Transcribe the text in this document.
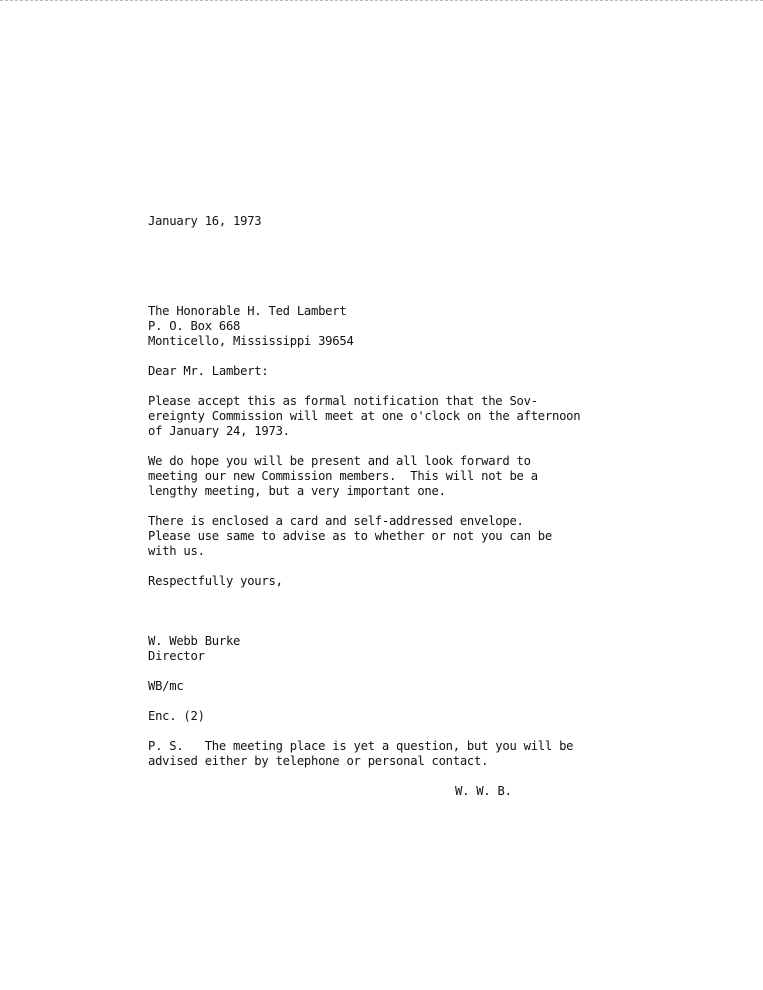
January 16, 1973
The Honorable H. Ted Lambert
P. O. Box 668
Monticello, Mississippi 39654
Dear Mr. Lambert:
Please accept this as formal notification that the Sov-
ereignty Commission will meet at one o'clock on the afternoon
of January 24, 1973.
We do hope you will be present and all look forward to
meeting our new Commission members.  This will not be a
lengthy meeting, but a very important one.
There is enclosed a card and self-addressed envelope.
Please use same to advise as to whether or not you can be
with us.
Respectfully yours,
W. Webb Burke
Director
WB/mc
Enc. (2)
P. S.   The meeting place is yet a question, but you will be
advised either by telephone or personal contact.
W. W. B.
